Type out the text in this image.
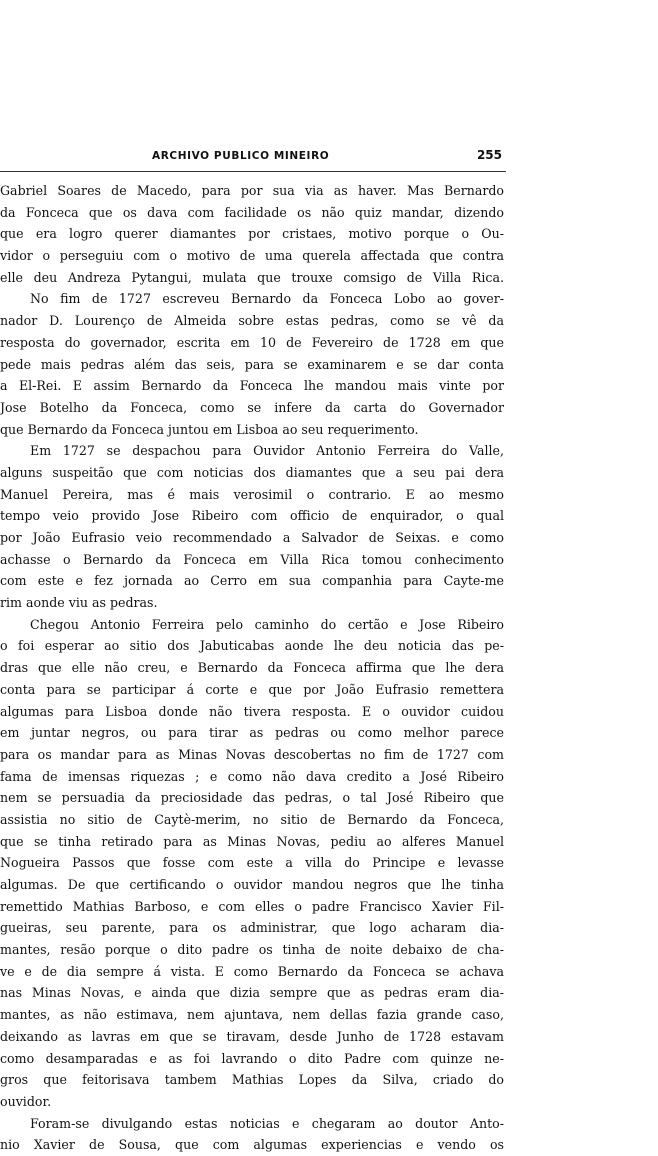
ARCHIVO PUBLICO MINEIRO	255
Gabriel Soares de Macedo, para por sua via as haver. Mas Bernardo
da Fonceca que os dava com facilidade os não quiz mandar, dizendo
que era logro querer diamantes por cristaes, motivo porque o Ou-
vidor o perseguiu com o motivo de uma querela affectada que contra
elle deu Andreza Pytangui, mulata que trouxe comsigo de Villa Rica.
No fim de 1727 escreveu Bernardo da Fonceca Lobo ao gover-
nador D. Lourenço de Almeida sobre estas pedras, como se vê da
resposta do governador, escrita em 10 de Fevereiro de 1728 em que
pede mais pedras além das seis, para se examinarem e se dar conta
a El-Rei. E assim Bernardo da Fonceca lhe mandou mais vinte por
Jose Botelho da Fonceca, como se infere da carta do Governador
que Bernardo da Fonceca juntou em Lisboa ao seu requerimento.
Em 1727 se despachou para Ouvidor Antonio Ferreira do Valle,
alguns suspeitão que com noticias dos diamantes que a seu pai dera
Manuel Pereira, mas é mais verosimil o contrario. E ao mesmo
tempo veio provido Jose Ribeiro com officio de enquirador, o qual
por João Eufrasio veio recommendado a Salvador de Seixas. e como
achasse o Bernardo da Fonceca em Villa Rica tomou conhecimento
com este e fez jornada ao Cerro em sua companhia para Cayte-me
rim aonde viu as pedras.
Chegou Antonio Ferreira pelo caminho do certão e Jose Ribeiro
o foi esperar ao sitio dos Jabuticabas aonde lhe deu noticia das pe-
dras que elle não creu, e Bernardo da Fonceca affirma que lhe dera
conta para se participar á corte e que por João Eufrasio remettera
algumas para Lisboa donde não tivera resposta. E o ouvidor cuidou
em juntar negros, ou para tirar as pedras ou como melhor parece
para os mandar para as Minas Novas descobertas no fim de 1727 com
fama de imensas riquezas ; e como não dava credito a José Ribeiro
nem se persuadia da preciosidade das pedras, o tal José Ribeiro que
assistia no sitio de Caytè-merim, no sitio de Bernardo da Fonceca,
que se tinha retirado para as Minas Novas, pediu ao alferes Manuel
Nogueira Passos que fosse com este a villa do Principe e levasse
algumas. De que certificando o ouvidor mandou negros que lhe tinha
remettido Mathias Barboso, e com elles o padre Francisco Xavier Fil-
gueiras, seu parente, para os administrar, que logo acharam dia-
mantes, resão porque o dito padre os tinha de noite debaixo de cha-
ve e de dia sempre á vista. E como Bernardo da Fonceca se achava
nas Minas Novas, e ainda que dizia sempre que as pedras eram dia-
mantes, as não estimava, nem ajuntava, nem dellas fazia grande caso,
deixando as lavras em que se tiravam, desde Junho de 1728 estavam
como desamparadas e as foi lavrando o dito Padre com quinze ne-
gros que feitorisava tambem Mathias Lopes da Silva, criado do
ouvidor.
Foram-se divulgando estas noticias e chegaram ao doutor Anto-
nio Xavier de Sousa, que com algumas experiencias e vendo os
